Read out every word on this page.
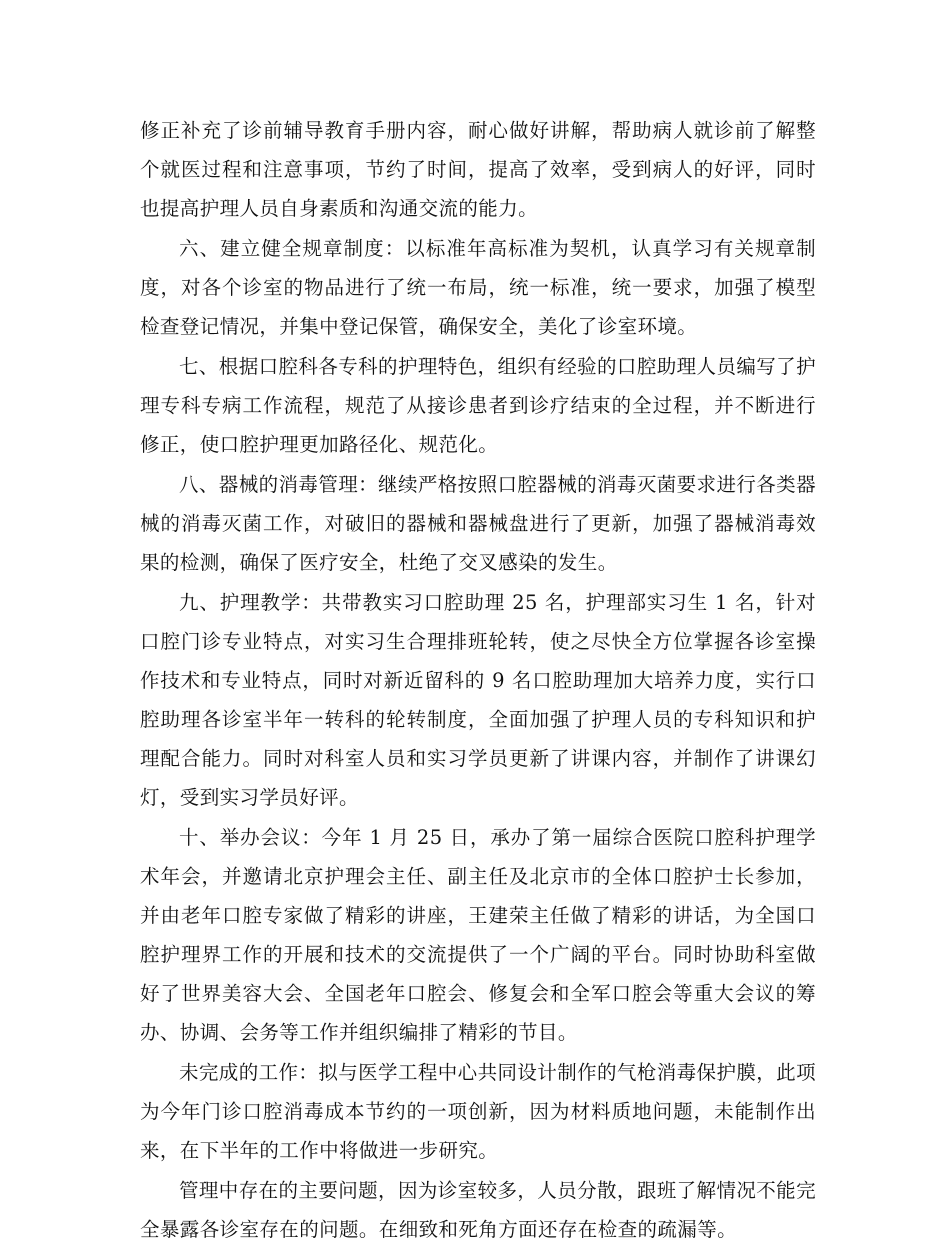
修正补充了诊前辅导教育手册内容，耐心做好讲解，帮助病人就诊前了解整个就医过程和注意事项，节约了时间，提高了效率，受到病人的好评，同时也提高护理人员自身素质和沟通交流的能力。

六、建立健全规章制度：以标准年高标准为契机，认真学习有关规章制度，对各个诊室的物品进行了统一布局，统一标准，统一要求，加强了模型检查登记情况，并集中登记保管，确保安全，美化了诊室环境。

七、根据口腔科各专科的护理特色，组织有经验的口腔助理人员编写了护理专科专病工作流程，规范了从接诊患者到诊疗结束的全过程，并不断进行修正，使口腔护理更加路径化、规范化。

八、器械的消毒管理：继续严格按照口腔器械的消毒灭菌要求进行各类器械的消毒灭菌工作，对破旧的器械和器械盘进行了更新，加强了器械消毒效果的检测，确保了医疗安全，杜绝了交叉感染的发生。

九、护理教学：共带教实习口腔助理 25 名，护理部实习生 1 名，针对口腔门诊专业特点，对实习生合理排班轮转，使之尽快全方位掌握各诊室操作技术和专业特点，同时对新近留科的 9 名口腔助理加大培养力度，实行口腔助理各诊室半年一转科的轮转制度，全面加强了护理人员的专科知识和护理配合能力。同时对科室人员和实习学员更新了讲课内容，并制作了讲课幻灯，受到实习学员好评。

十、举办会议：今年 1 月 25 日，承办了第一届综合医院口腔科护理学术年会，并邀请北京护理会主任、副主任及北京市的全体口腔护士长参加，并由老年口腔专家做了精彩的讲座，王建荣主任做了精彩的讲话，为全国口腔护理界工作的开展和技术的交流提供了一个广阔的平台。同时协助科室做好了世界美容大会、全国老年口腔会、修复会和全军口腔会等重大会议的筹办、协调、会务等工作并组织编排了精彩的节目。

未完成的工作：拟与医学工程中心共同设计制作的气枪消毒保护膜，此项为今年门诊口腔消毒成本节约的一项创新，因为材料质地问题，未能制作出来，在下半年的工作中将做进一步研究。

管理中存在的主要问题，因为诊室较多，人员分散，跟班了解情况不能完全暴露各诊室存在的问题。在细致和死角方面还存在检查的疏漏等。
